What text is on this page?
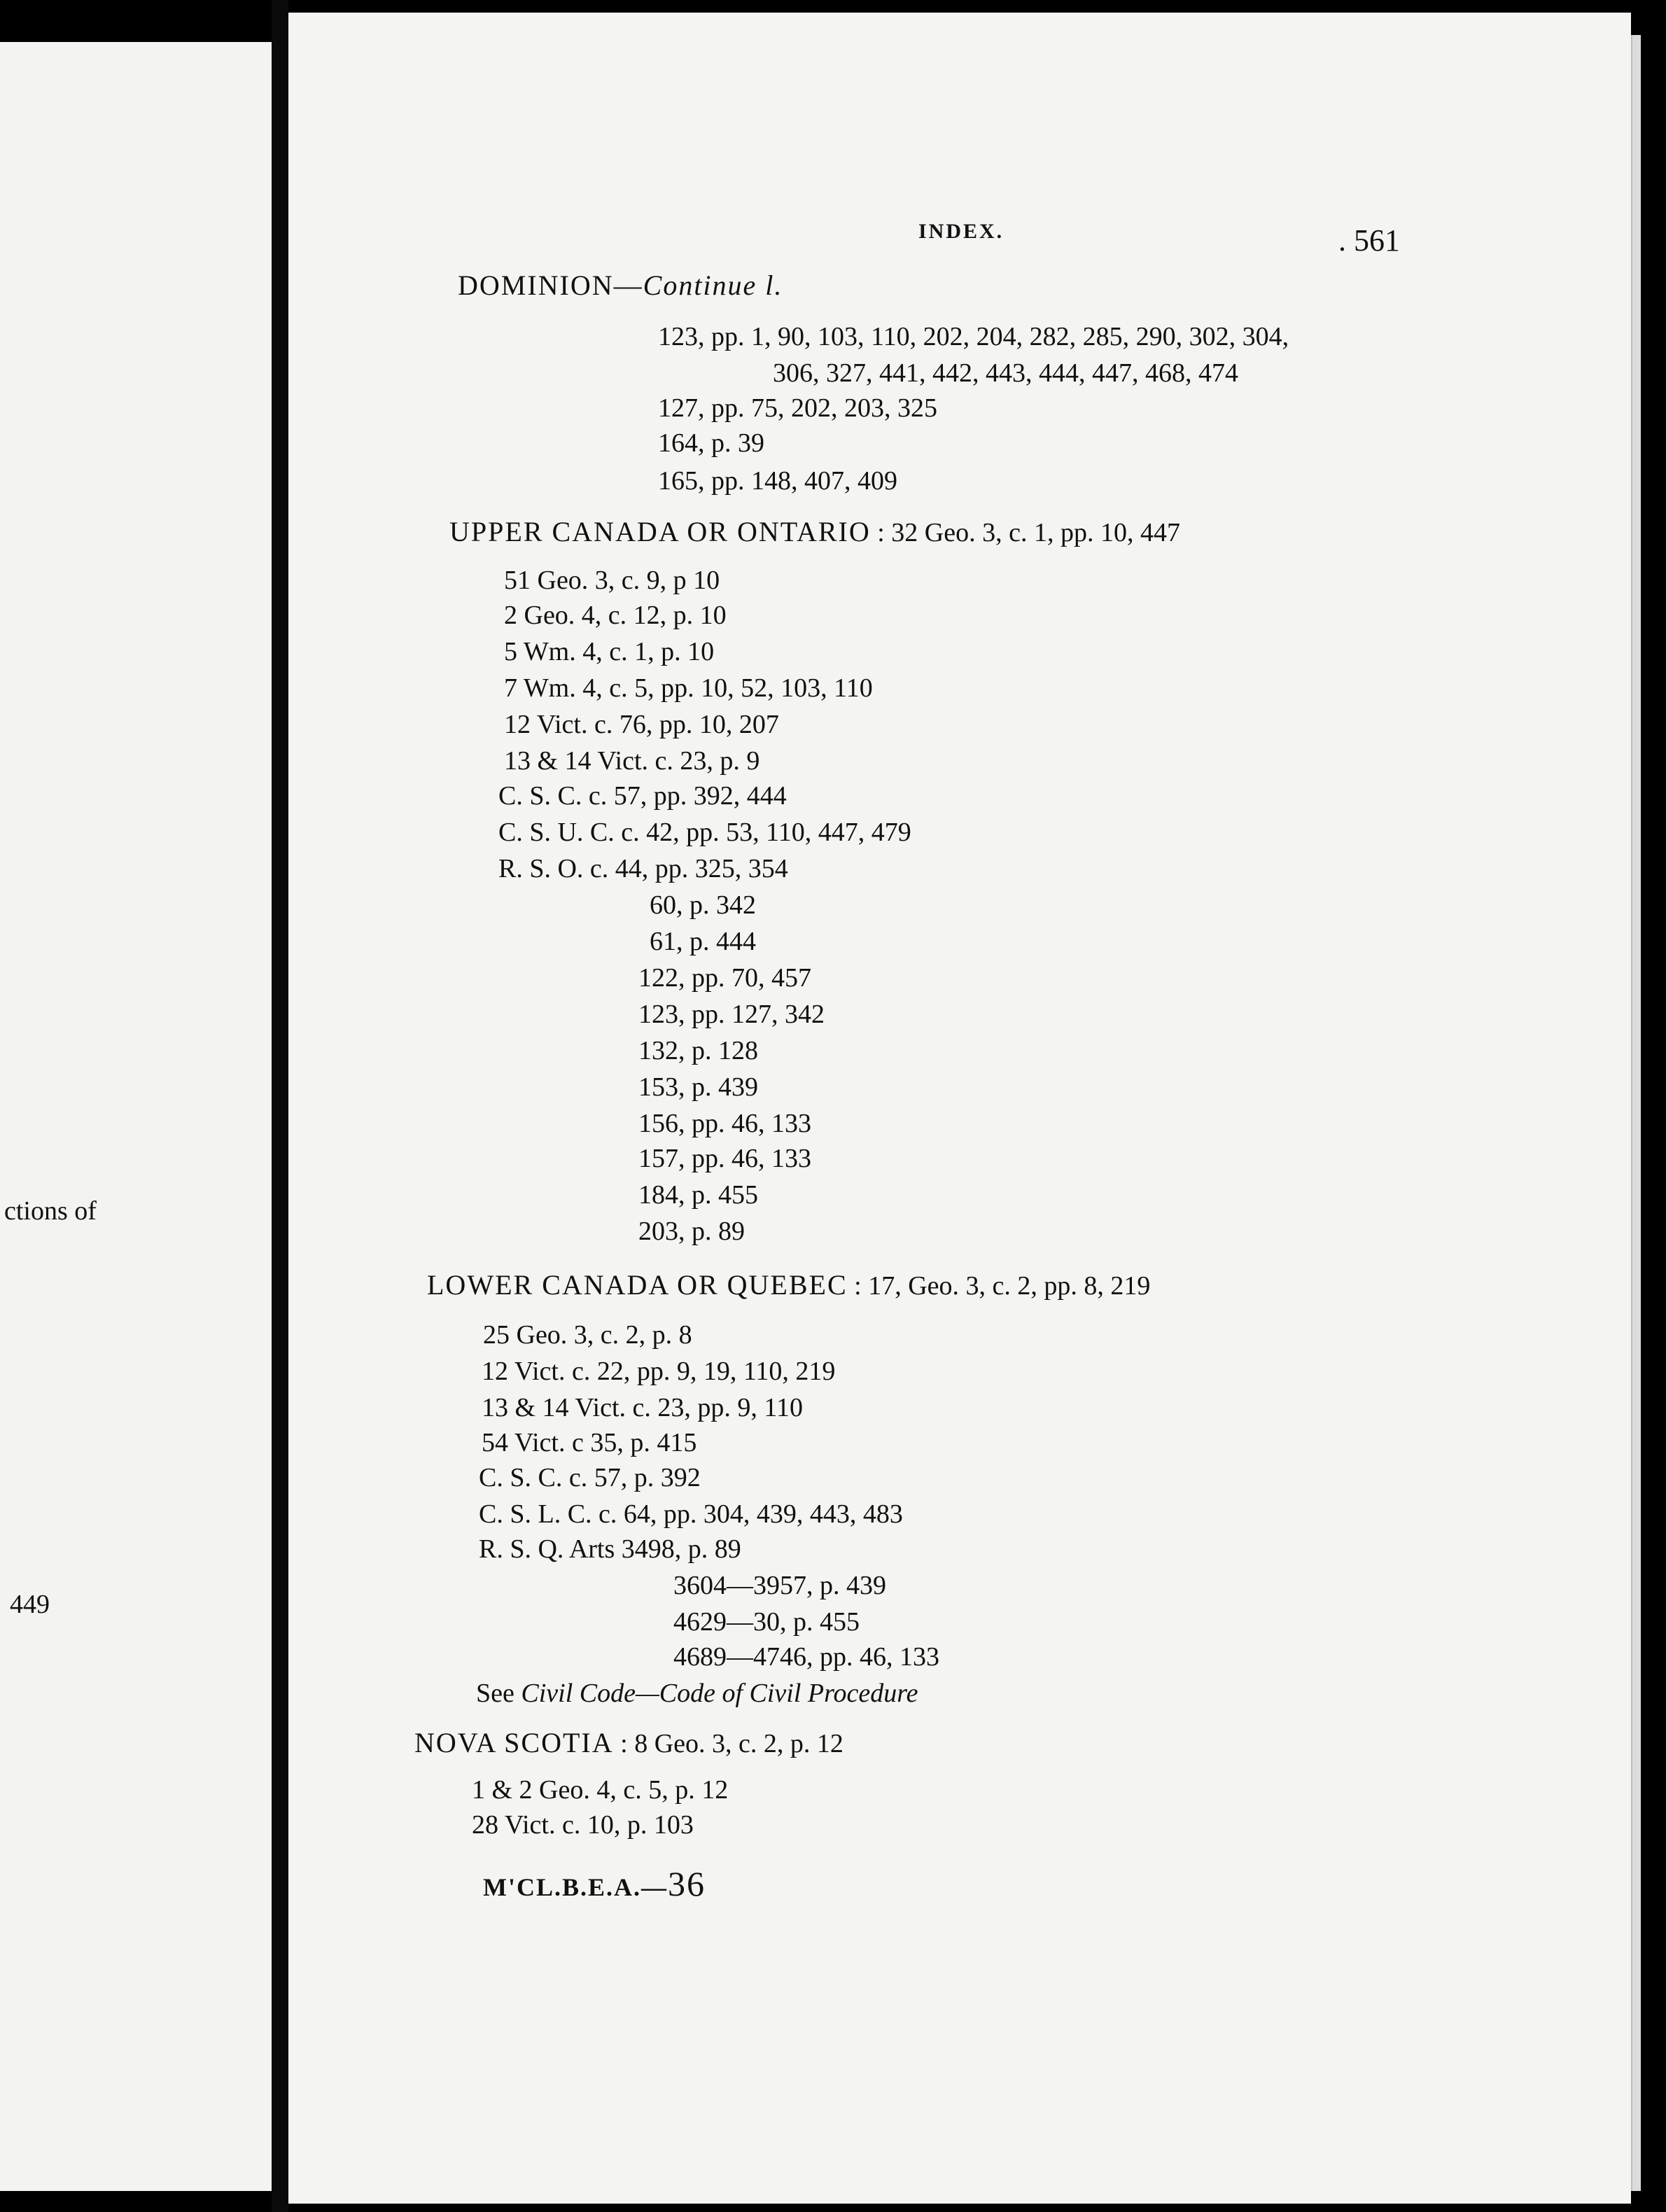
ctions of
449
INDEX.	. 561
DOMINION—Continue l.
123, pp. 1, 90, 103, 110, 202, 204, 282, 285, 290, 302, 304,
306, 327, 441, 442, 443, 444, 447, 468, 474
127, pp. 75, 202, 203, 325
164, p. 39
165, pp. 148, 407, 409
UPPER CANADA OR ONTARIO : 32 Geo. 3, c. 1, pp. 10, 447
51 Geo. 3, c. 9, p 10
2 Geo. 4, c. 12, p. 10
5 Wm. 4, c. 1, p. 10
7 Wm. 4, c. 5, pp. 10, 52, 103, 110
12 Vict. c. 76, pp. 10, 207
13 & 14 Vict. c. 23, p. 9
C. S. C. c. 57, pp. 392, 444
C. S. U. C. c. 42, pp. 53, 110, 447, 479
R. S. O. c. 44, pp. 325, 354
60, p. 342
61, p. 444
122, pp. 70, 457
123, pp. 127, 342
132, p. 128
153, p. 439
156, pp. 46, 133
157, pp. 46, 133
184, p. 455
203, p. 89
LOWER CANADA OR QUEBEC : 17, Geo. 3, c. 2, pp. 8, 219
25 Geo. 3, c. 2, p. 8
12 Vict. c. 22, pp. 9, 19, 110, 219
13 & 14 Vict. c. 23, pp. 9, 110
54 Vict. c 35, p. 415
C. S. C. c. 57, p. 392
C. S. L. C. c. 64, pp. 304, 439, 443, 483
R. S. Q. Arts 3498, p. 89
3604—3957, p. 439
4629—30, p. 455
4689—4746, pp. 46, 133
See Civil Code—Code of Civil Procedure
NOVA SCOTIA : 8 Geo. 3, c. 2, p. 12
1 & 2 Geo. 4, c. 5, p. 12
28 Vict. c. 10, p. 103
M'CL.B.E.A.—36
